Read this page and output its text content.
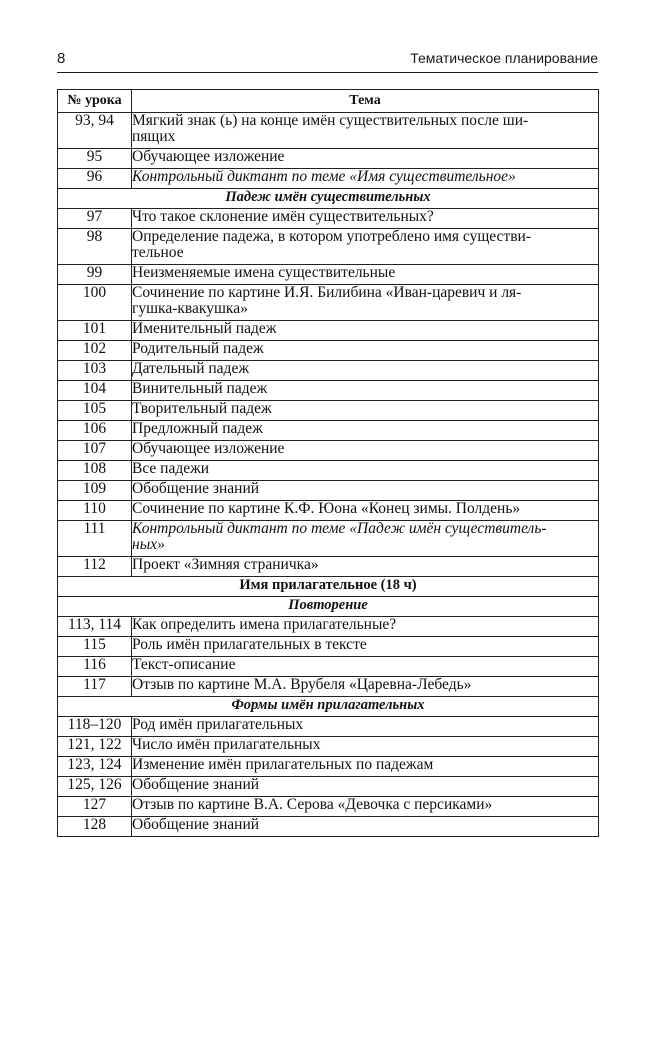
8	Тематическое планирование
№ урока	Тема
93, 94	Мягкий знак (ь) на конце имён существительных после ши-
пящих
95	Обучающее изложение
96	Контрольный диктант по теме «Имя существительное»
Падеж имён существительных	
97	Что такое склонение имён существительных?
98	Определение падежа, в котором употреблено имя существи-
тельное
99	Неизменяемые имена существительные
100	Сочинение по картине И.Я. Билибина «Иван-царевич и ля-
гушка-квакушка»
101	Именительный падеж
102	Родительный падеж
103	Дательный падеж
104	Винительный падеж
105	Творительный падеж
106	Предложный падеж
107	Обучающее изложение
108	Все падежи
109	Обобщение знаний
110	Сочинение по картине К.Ф. Юона «Конец зимы. Полдень»
111	Контрольный диктант по теме «Падеж имён существитель-
ных»
112	Проект «Зимняя страничка»
Имя прилагательное (18 ч)	
Повторение	
113, 114	Как определить имена прилагательные?
115	Роль имён прилагательных в тексте
116	Текст-описание
117	Отзыв по картине М.А. Врубеля «Царевна-Лебедь»
Формы имён прилагательных	
118–120	Род имён прилагательных
121, 122	Число имён прилагательных
123, 124	Изменение имён прилагательных по падежам
125, 126	Обобщение знаний
127	Отзыв по картине В.А. Серова «Девочка с персиками»
128	Обобщение знаний
